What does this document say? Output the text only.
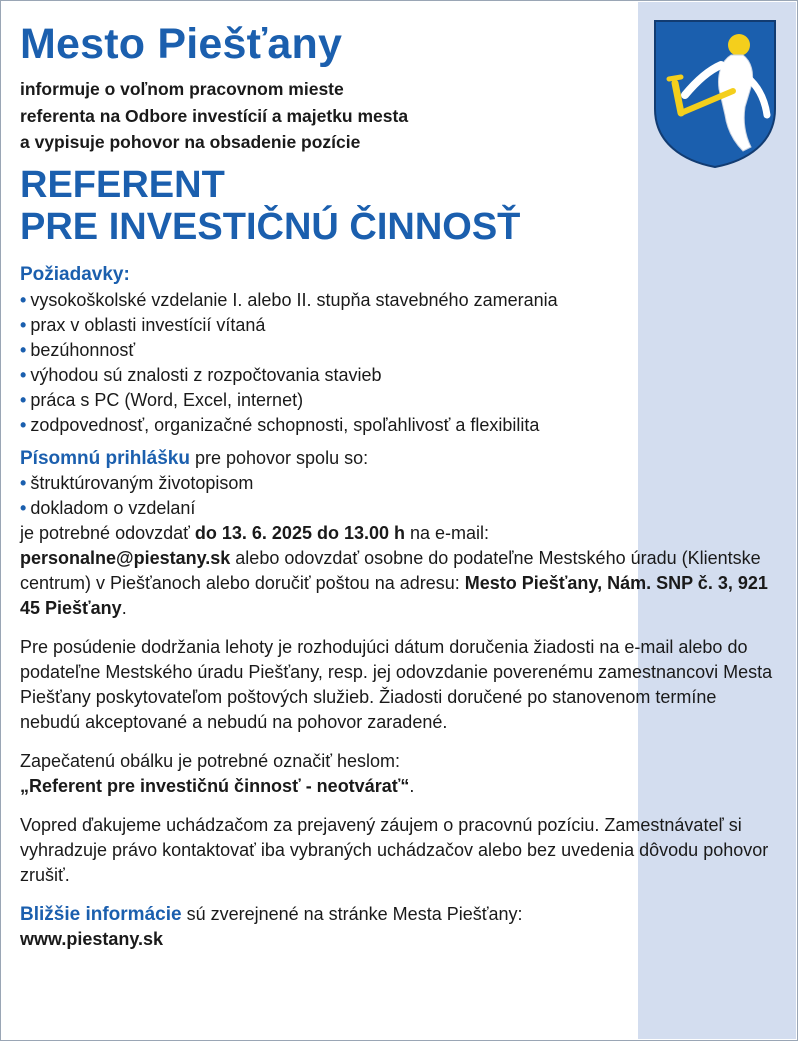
Mesto Piešťany
informuje o voľnom pracovnom mieste
referenta na Odbore investícií a majetku mesta
a vypisuje pohovor na obsadenie pozície
REFERENT
PRE INVESTIČNÚ ČINNOSŤ
Požiadavky:
• vysokoškolské vzdelanie I. alebo II. stupňa stavebného zamerania
• prax v oblasti investícií vítaná
• bezúhonnosť
• výhodou sú znalosti z rozpočtovania stavieb
• práca s PC (Word, Excel, internet)
• zodpovednosť, organizačné schopnosti, spoľahlivosť a flexibilita

Písomnú prihlášku pre pohovor spolu so:

• štruktúrovaným životopisom
• dokladom o vzdelaní

je potrebné odovzdať do 13. 6. 2025 do 13.00 h na e-mail:
personalne@piestany.sk alebo odovzdať osobne do podateľne Mestského úradu (Klientske centrum) v Piešťanoch alebo doručiť poštou na adresu: Mesto Piešťany, Nám. SNP č. 3, 921 45 Piešťany.

Pre posúdenie dodržania lehoty je rozhodujúci dátum doručenia žiadosti na e-mail alebo do podateľne Mestského úradu Piešťany, resp. jej odovzdanie poverenému zamestnancovi Mesta Piešťany poskytovateľom poštových služieb. Žiadosti doručené po stanovenom termíne nebudú akceptované a nebudú na pohovor zaradené.

Zapečatenú obálku je potrebné označiť heslom:
„Referent pre investičnú činnosť - neotvárať“.

Vopred ďakujeme uchádzačom za prejavený záujem o pracovnú pozíciu. Zamestnávateľ si vyhradzuje právo kontaktovať iba vybraných uchádzačov alebo bez uvedenia dôvodu pohovor zrušiť.

Bližšie informácie sú zverejnené na stránke Mesta Piešťany:
www.piestany.sk
